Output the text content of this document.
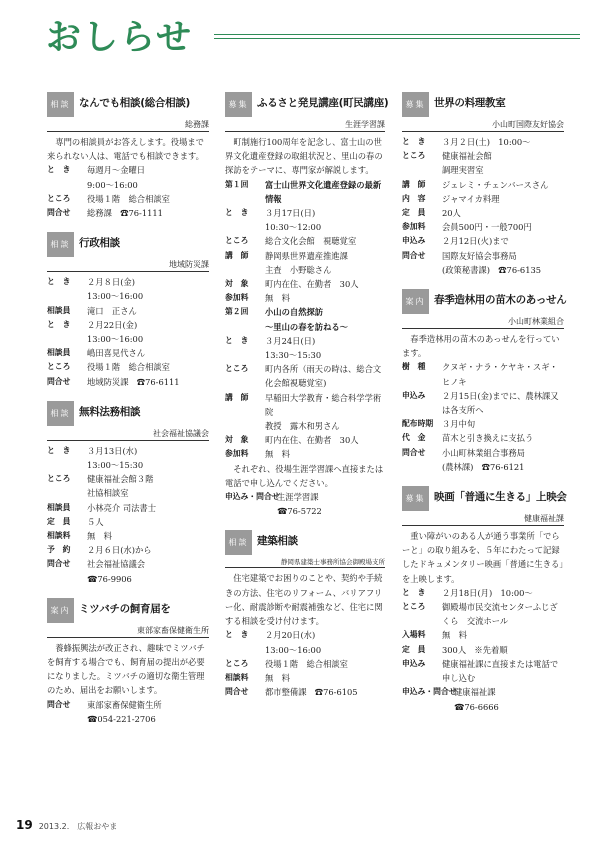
おしらせ
相談 なんでも相談(総合相談)
総務課

専門の相談員がお答えします。役場まで来られない人は、電話でも相談できます。

と　き	毎週月～金曜日
9:00～16:00
ところ	役場１階　総合相談室
問合せ	総務課　☎76-1111
相談 行政相談
地域防災課
と　き	２月８日(金)
13:00～16:00
相談員	滝口　正さん
と　き	２月22日(金)
13:00～16:00
相談員	嶋田喜見代さん
ところ	役場１階　総合相談室
問合せ	地域防災課　☎76-6111
相談 無料法務相談
社会福祉協議会
と　き	３月13日(水)
13:00～15:30
ところ	健康福祉会館３階
社協相談室
相談員	小林亮介 司法書士
定　員	５人
相談料	無　料
予　約	２月６日(水)から
問合せ	社会福祉協議会
☎76-9906
案内 ミツバチの飼育届を
東部家畜保健衛生所

養蜂振興法が改正され、趣味でミツバチを飼育する場合でも、飼育届の提出が必要になりました。ミツバチの適切な衛生管理のため、届出をお願いします。

問合せ	東部家畜保健衛生所
☎054-221-2706
募集 ふるさと発見講座(町民講座)
生涯学習課

町制施行100周年を記念し、富士山の世界文化遺産登録の取組状況と、里山の春の探訪をテーマに、専門家が解説します。

第１回	富士山世界文化遺産登録の最新情報
と　き	３月17日(日)
10:30～12:00
ところ	総合文化会館　視聴覚室
講　師	静岡県世界遺産推進課
主査　小野聡さん
対　象	町内在住、在勤者　30人
参加料	無　料
第２回	小山の自然探訪
～里山の春を訪ねる～
と　き	３月24日(日)
13:30～15:30
ところ	町内各所（雨天の時は、総合文化会館視聴覚室)
講　師	早稲田大学教育・総合科学学術院
教授　露木和男さん
対　象	町内在住、在勤者　30人
参加料	無　料

それぞれ、役場生涯学習課へ直接または電話で申し込んでください。

申込み・問合せ
生涯学習課
☎76-5722
相談 建築相談
静岡県建築士事務所協会御殿場支所

住宅建築でお困りのことや、契約や手続きの方法、住宅のリフォーム、バリアフリー化、耐震診断や耐震補強など、住宅に関する相談を受け付けます。

と　き	２月20日(水)
13:00～16:00
ところ	役場１階　総合相談室
相談料	無　料
問合せ	都市整備課　☎76-6105
募集 世界の料理教室
小山町国際友好協会
と　き	３月２日(土)　10:00～
ところ	健康福祉会館
調理実習室
講　師	ジェレミ・チェンバースさん
内　容	ジャマイカ料理
定　員	20人
参加料	会員500円・一般700円
申込み	２月12日(火)まで
問合せ	国際友好協会事務局
(政策秘書課)　☎76-6135
案内 春季造林用の苗木のあっせん
小山町林業組合

春季造林用の苗木のあっせんを行っています。

樹　種	クヌギ・ナラ・ケヤキ・スギ・ヒノキ
申込み	２月15日(金)までに、農林課又は各支所へ
配布時期	３月中旬
代　金	苗木と引き換えに支払う
問合せ	小山町林業組合事務局
(農林課)　☎76-6121
募集 映画「普通に生きる」上映会
健康福祉課

重い障がいのある人が通う事業所「でらーと」の取り組みを、５年にわたって記録したドキュメンタリー映画「普通に生きる」を上映します。

と　き	２月18日(月)　10:00～
ところ	御殿場市民交流センターふじざくら　交流ホール
入場料	無　料
定　員	300人　※先着順
申込み	健康福祉課に直接または電話で申し込む
申込み・問合せ
健康福祉課
☎76-6666
19 2013.2.　広報おやま
